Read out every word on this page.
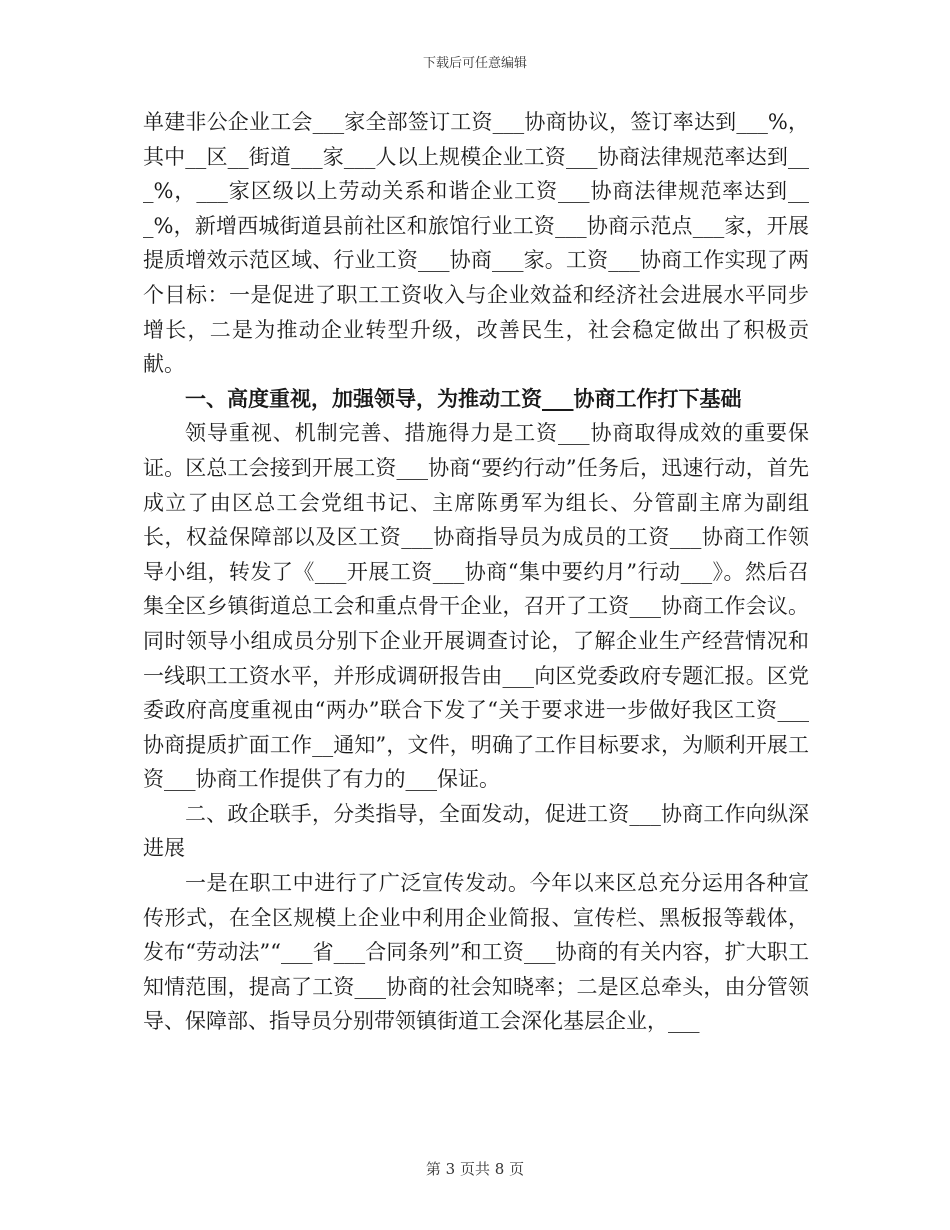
下载后可任意编辑

单建非公企业工会___家全部签订工资___协商协议，签订率达到___%，其中__区__街道___家___人以上规模企业工资___协商法律规范率达到___%，___家区级以上劳动关系和谐企业工资___协商法律规范率达到___%，新增西城街道县前社区和旅馆行业工资___协商示范点___家，开展提质增效示范区域、行业工资___协商___家。工资___协商工作实现了两个目标：一是促进了职工工资收入与企业效益和经济社会进展水平同步增长，二是为推动企业转型升级，改善民生，社会稳定做出了积极贡献。

一、高度重视，加强领导，为推动工资___协商工作打下基础

领导重视、机制完善、措施得力是工资___协商取得成效的重要保证。区总工会接到开展工资___协商“要约行动”任务后，迅速行动，首先成立了由区总工会党组书记、主席陈勇军为组长、分管副主席为副组长，权益保障部以及区工资___协商指导员为成员的工资___协商工作领导小组，转发了《___开展工资___协商“集中要约月”行动___》。然后召集全区乡镇街道总工会和重点骨干企业，召开了工资___协商工作会议。同时领导小组成员分别下企业开展调查讨论，了解企业生产经营情况和一线职工工资水平，并形成调研报告由___向区党委政府专题汇报。区党委政府高度重视由“两办”联合下发了“关于要求进一步做好我区工资___协商提质扩面工作__通知”，文件，明确了工作目标要求，为顺利开展工资___协商工作提供了有力的___保证。

二、政企联手，分类指导，全面发动，促进工资___协商工作向纵深进展

一是在职工中进行了广泛宣传发动。今年以来区总充分运用各种宣传形式，在全区规模上企业中利用企业简报、宣传栏、黑板报等载体，发布“劳动法”“___省___合同条列”和工资___协商的有关内容，扩大职工知情范围，提高了工资___协商的社会知晓率；二是区总牵头，由分管领导、保障部、指导员分别带领镇街道工会深化基层企业，___

第 3 页共 8 页
